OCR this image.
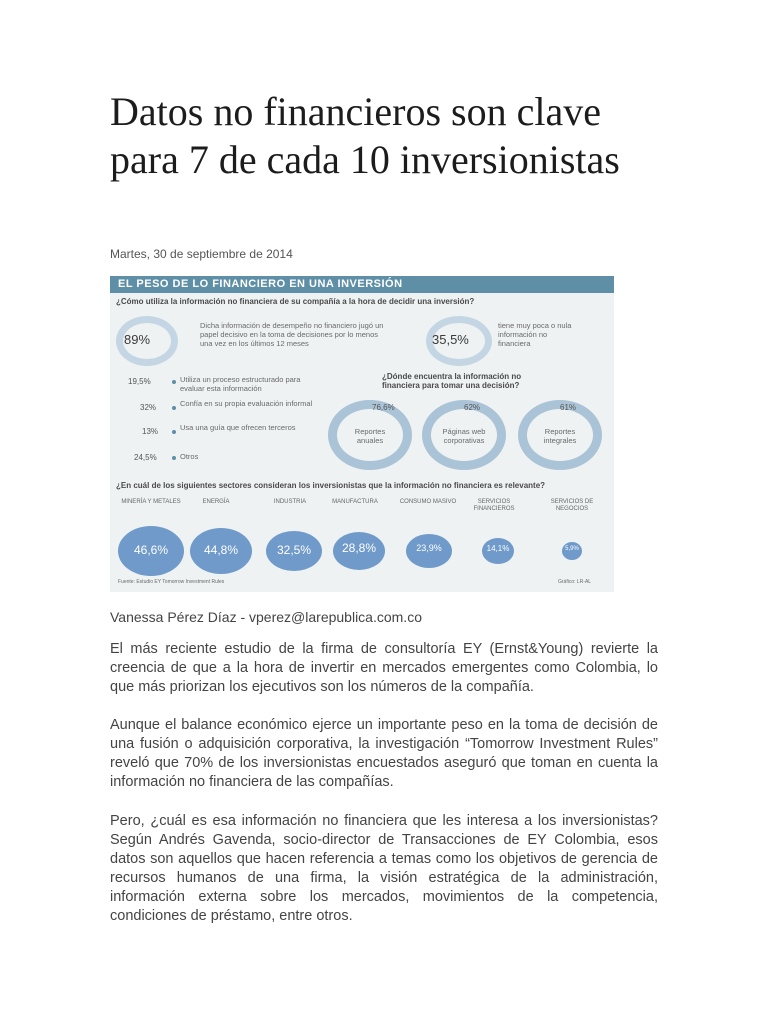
Datos no financieros son clave para 7 de cada 10 inversionistas
Martes, 30 de septiembre de 2014
EL PESO DE LO FINANCIERO EN UNA INVERSIÓN
¿Cómo utiliza la información no financiera de su compañía a la hora de decidir una inversión?
89%
Dicha información de desempeño no financiero jugó un papel decisivo en la toma de decisiones por lo menos una vez en los últimos 12 meses	35,5%
tiene muy poca o nula información no financiera
19,5%	Utiliza un proceso estructurado para evaluar esta información
32%	Confía en su propia evaluación informal
13%	Usa una guía que ofrecen terceros
24,5%	Otros
¿Dónde encuentra la información no financiera para tomar una decisión?
76,6%
Reportes anuales
62%
Páginas web corporativas
61%
Reportes integrales
¿En cuál de los siguientes sectores consideran los inversionistas que la información no financiera es relevante?
MINERÍA Y METALES	ENERGÍA	INDUSTRIA	MANUFACTURA	CONSUMO MASIVO	SERVICIOS FINANCIEROS
SERVICIOS DE NEGOCIOS
46,6%	44,8%	32,5%	28,8%	23,9%	14,1%	5,9%
Fuente: Estudio EY Tomorrow Investment Rules	Gráfico: LR-AL
Vanessa Pérez Díaz - vperez@larepublica.com.co

El más reciente estudio de la firma de consultoría EY (Ernst&Young) revierte la creencia de que a la hora de invertir en mercados emergentes como Colombia, lo que más priorizan los ejecutivos son los números de la compañía.

Aunque el balance económico ejerce un importante peso en la toma de decisión de una fusión o adquisición corporativa, la investigación “Tomorrow Investment Rules” reveló que 70% de los inversionistas encuestados aseguró que toman en cuenta la información no financiera de las compañías.

Pero, ¿cuál es esa información no financiera que les interesa a los inversionistas? Según Andrés Gavenda, socio-director de Transacciones de EY Colombia, esos datos son aquellos que hacen referencia a temas como los objetivos de gerencia de recursos humanos de una firma, la visión estratégica de la administración, información externa sobre los mercados, movimientos de la competencia, condiciones de préstamo, entre otros.
